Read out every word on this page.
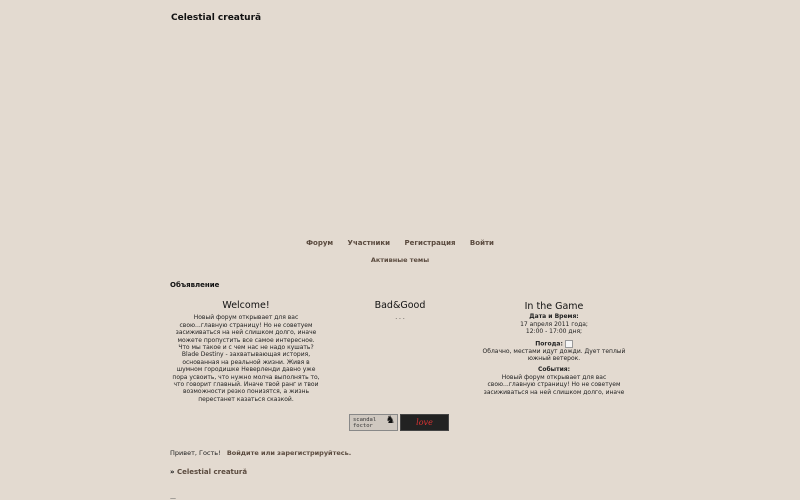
Celestial creatură
Форум Участники Регистрация Войти
Активные темы
Объявление
Welcome!
Новый форум открывает для вас
свою...главную страницу! Но не советуем
засиживаться на ней слишком долго, иначе
можете пропустить все самое интересное.
Что мы такое и с чем нас не надо кушать?
Blade Destiny - захватывающая история,
основанная на реальной жизни. Живя в
шумном городишке Неверленди давно уже
пора усвоить, что нужно молча выполнять то,
что говорит главный. Иначе твой ранг и твои
возможности резко понизятся, а жизнь
перестанет казаться сказкой.
Bad&Good
. . .
In the Game
Дата и Время:
17 апреля 2011 года;
12:00 - 17:00 дня;
Погода:
Облачно, местами идут дожди. Дует теплый
южный ветерок.
События:
Новый форум открывает для вас
свою...главную страницу! Но не советуем
засиживаться на ней слишком долго, иначе
scandal
foctor	♞	love
Привет, Гость! Войдите или зарегистрируйтесь.
» Celestial creatură
—
